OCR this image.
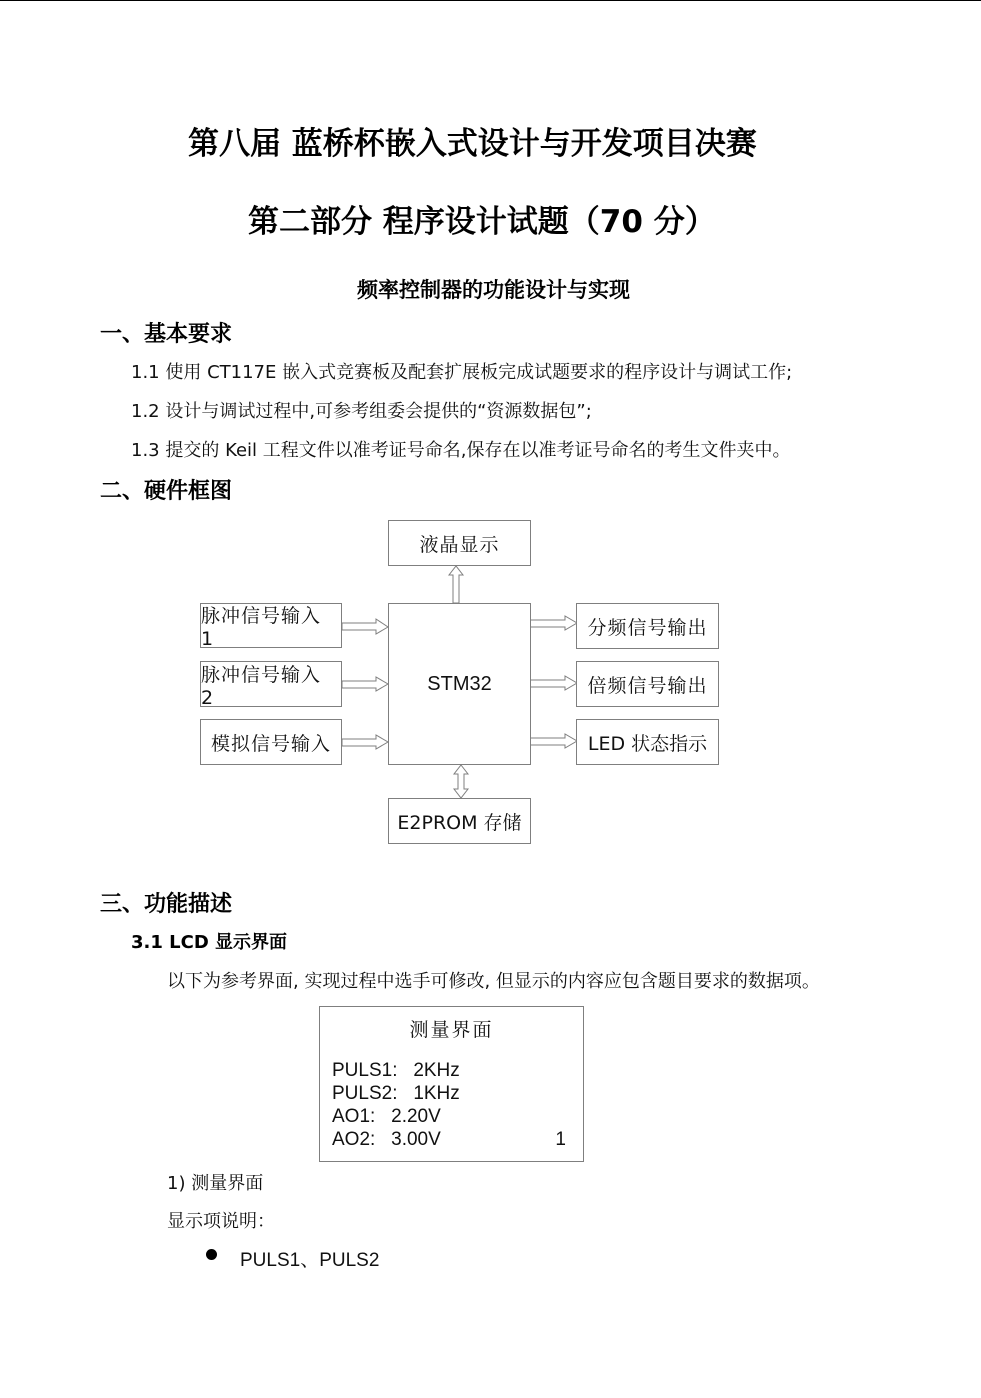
第八届 蓝桥杯嵌入式设计与开发项目决赛
第二部分 程序设计试题（70 分）
频率控制器的功能设计与实现
一、基本要求
1.1 使用 CT117E 嵌入式竞赛板及配套扩展板完成试题要求的程序设计与调试工作;
1.2 设计与调试过程中,可参考组委会提供的“资源数据包”;
1.3 提交的 Keil 工程文件以准考证号命名,保存在以准考证号命名的考生文件夹中。
二、硬件框图
液晶显示
STM32
E2PROM 存储
脉冲信号输入 1
脉冲信号输入 2
模拟信号输入
分频信号输出
倍频信号输出
LED 状态指示
三、功能描述
3.1 LCD 显示界面
以下为参考界面, 实现过程中选手可修改, 但显示的内容应包含题目要求的数据项。
测量界面
PULS1:   2KHz
PULS2:   1KHz
AO1:   2.20V
AO2:   3.00V	1
1) 测量界面
显示项说明：
PULS1、PULS2
